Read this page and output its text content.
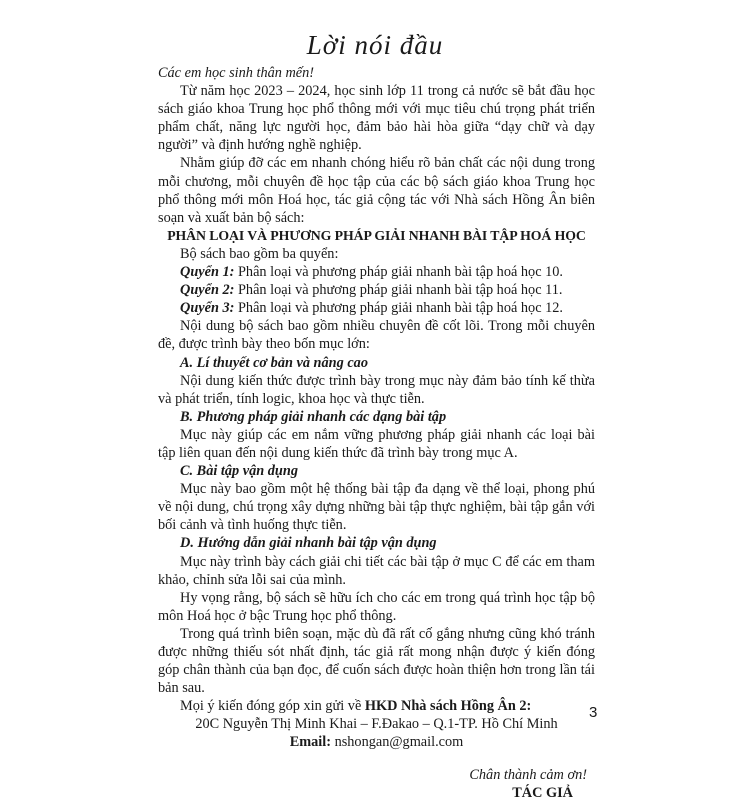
Lời nói đầu

Các em học sinh thân mến!

Từ năm học 2023 – 2024, học sinh lớp 11 trong cả nước sẽ bắt đầu học sách giáo khoa Trung học phổ thông mới với mục tiêu chú trọng phát triển phẩm chất, năng lực người học, đảm bảo hài hòa giữa “dạy chữ và dạy người” và định hướng nghề nghiệp.

Nhằm giúp đỡ các em nhanh chóng hiểu rõ bản chất các nội dung trong mỗi chương, mỗi chuyên đề học tập của các bộ sách giáo khoa Trung học phổ thông mới môn Hoá học, tác giả cộng tác với Nhà sách Hồng Ân biên soạn và xuất bản bộ sách:

PHÂN LOẠI VÀ PHƯƠNG PHÁP GIẢI NHANH BÀI TẬP HOÁ HỌC

Bộ sách bao gồm ba quyển:

Quyển 1: Phân loại và phương pháp giải nhanh bài tập hoá học 10.

Quyển 2: Phân loại và phương pháp giải nhanh bài tập hoá học 11.

Quyển 3: Phân loại và phương pháp giải nhanh bài tập hoá học 12.

Nội dung bộ sách bao gồm nhiều chuyên đề cốt lõi. Trong mỗi chuyên đề, được trình bày theo bốn mục lớn:

A. Lí thuyết cơ bản và nâng cao

Nội dung kiến thức được trình bày trong mục này đảm bảo tính kế thừa và phát triển, tính logic, khoa học và thực tiễn.

B. Phương pháp giải nhanh các dạng bài tập

Mục này giúp các em nắm vững phương pháp giải nhanh các loại bài tập liên quan đến nội dung kiến thức đã trình bày trong mục A.

C. Bài tập vận dụng

Mục này bao gồm một hệ thống bài tập đa dạng về thể loại, phong phú về nội dung, chú trọng xây dựng những bài tập thực nghiệm, bài tập gắn với bối cảnh và tình huống thực tiễn.

D. Hướng dẫn giải nhanh bài tập vận dụng

Mục này trình bày cách giải chi tiết các bài tập ở mục C để các em tham khảo, chỉnh sửa lỗi sai của mình.

Hy vọng rằng, bộ sách sẽ hữu ích cho các em trong quá trình học tập bộ môn Hoá học ở bậc Trung học phổ thông.

Trong quá trình biên soạn, mặc dù đã rất cố gắng nhưng cũng khó tránh được những thiếu sót nhất định, tác giả rất mong nhận được ý kiến đóng góp chân thành của bạn đọc, để cuốn sách được hoàn thiện hơn trong lần tái bản sau.

Mọi ý kiến đóng góp xin gửi về HKD Nhà sách Hồng Ân 2:

20C Nguyễn Thị Minh Khai – F.Đakao – Q.1-TP. Hồ Chí Minh

Email: nshongan@gmail.com

Chân thành cảm ơn!

TÁC GIẢ

3
